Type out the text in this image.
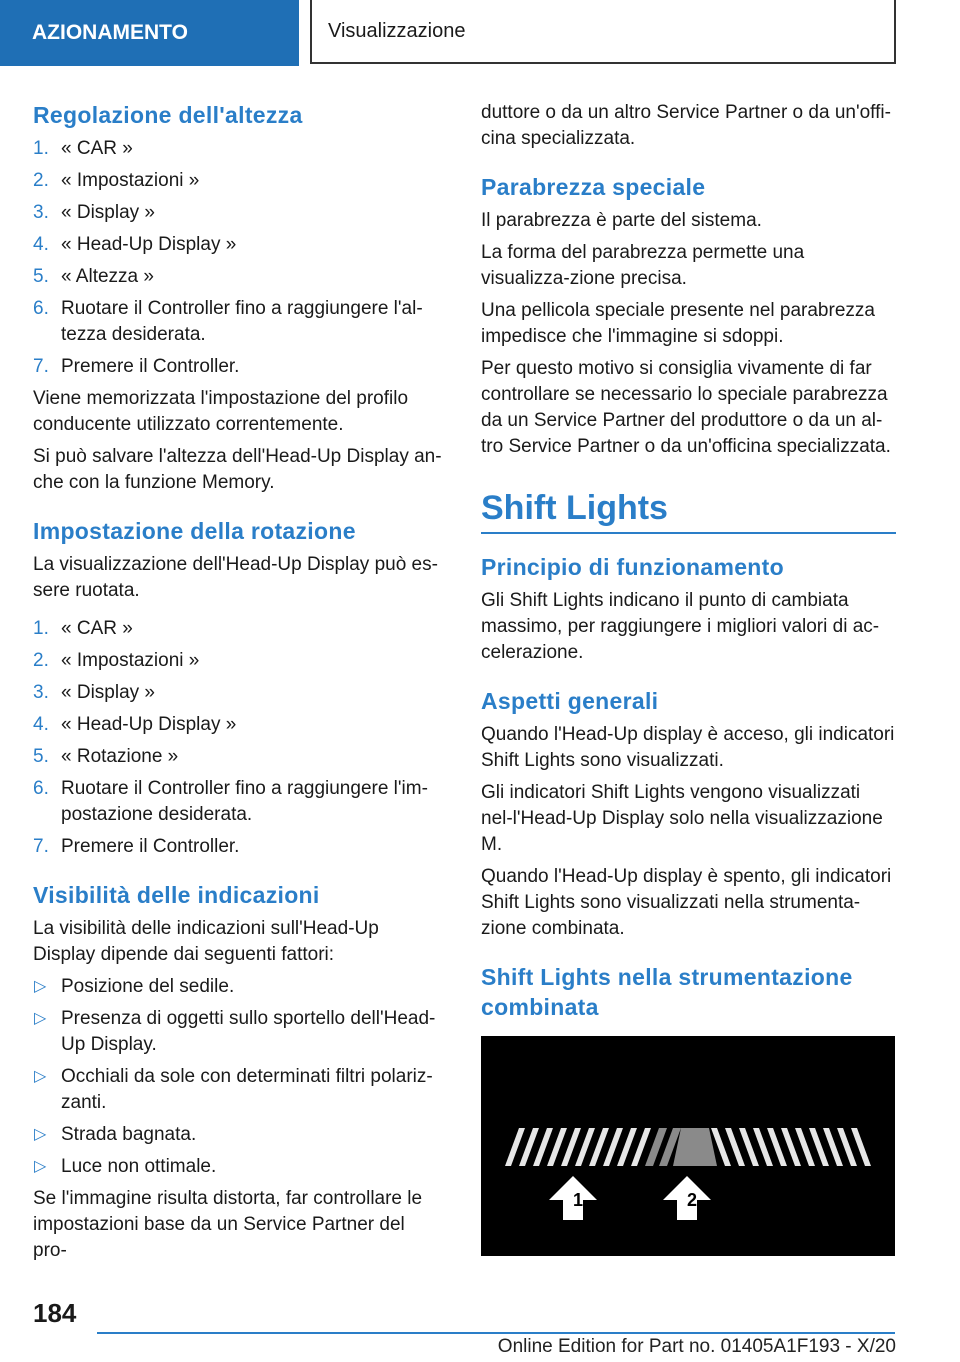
AZIONAMENTO	Visualizzazione
Regolazione dell'altezza
1. « CAR »
2. « Impostazioni »
3. « Display »
4. « Head-Up Display »
5. « Altezza »
6. Ruotare il Controller fino a raggiungere l'al-tezza desiderata.
7. Premere il Controller.

Viene memorizzata l'impostazione del profilo conducente utilizzato correntemente.

Si può salvare l'altezza dell'Head-Up Display an-che con la funzione Memory.

Impostazione della rotazione

La visualizzazione dell'Head-Up Display può es-sere ruotata.

1. « CAR »
2. « Impostazioni »
3. « Display »
4. « Head-Up Display »
5. « Rotazione »
6. Ruotare il Controller fino a raggiungere l'im-postazione desiderata.
7. Premere il Controller.
Visibilità delle indicazioni

La visibilità delle indicazioni sull'Head-Up Display dipende dai seguenti fattori:

▷ Posizione del sedile.
▷ Presenza di oggetti sullo sportello dell'Head-Up Display.
▷ Occhiali da sole con determinati filtri polariz-zanti.
▷ Strada bagnata.
▷ Luce non ottimale.

Se l'immagine risulta distorta, far controllare le impostazioni base da un Service Partner del pro-

duttore o da un altro Service Partner o da un'offi-cina specializzata.

Parabrezza speciale

Il parabrezza è parte del sistema.

La forma del parabrezza permette una visualizza-zione precisa.

Una pellicola speciale presente nel parabrezza impedisce che l'immagine si sdoppi.

Per questo motivo si consiglia vivamente di far controllare se necessario lo speciale parabrezza da un Service Partner del produttore o da un al-tro Service Partner o da un'officina specializzata.

Shift Lights
Principio di funzionamento

Gli Shift Lights indicano il punto di cambiata massimo, per raggiungere i migliori valori di ac-celerazione.

Aspetti generali

Quando l'Head-Up display è acceso, gli indicatori Shift Lights sono visualizzati.

Gli indicatori Shift Lights vengono visualizzati nel-l'Head-Up Display solo nella visualizzazione M.

Quando l'Head-Up display è spento, gli indicatori Shift Lights sono visualizzati nella strumenta-zione combinata.

Shift Lights nella strumentazione combinata
1	2
184
Online Edition for Part no. 01405A1F193 - X/20
